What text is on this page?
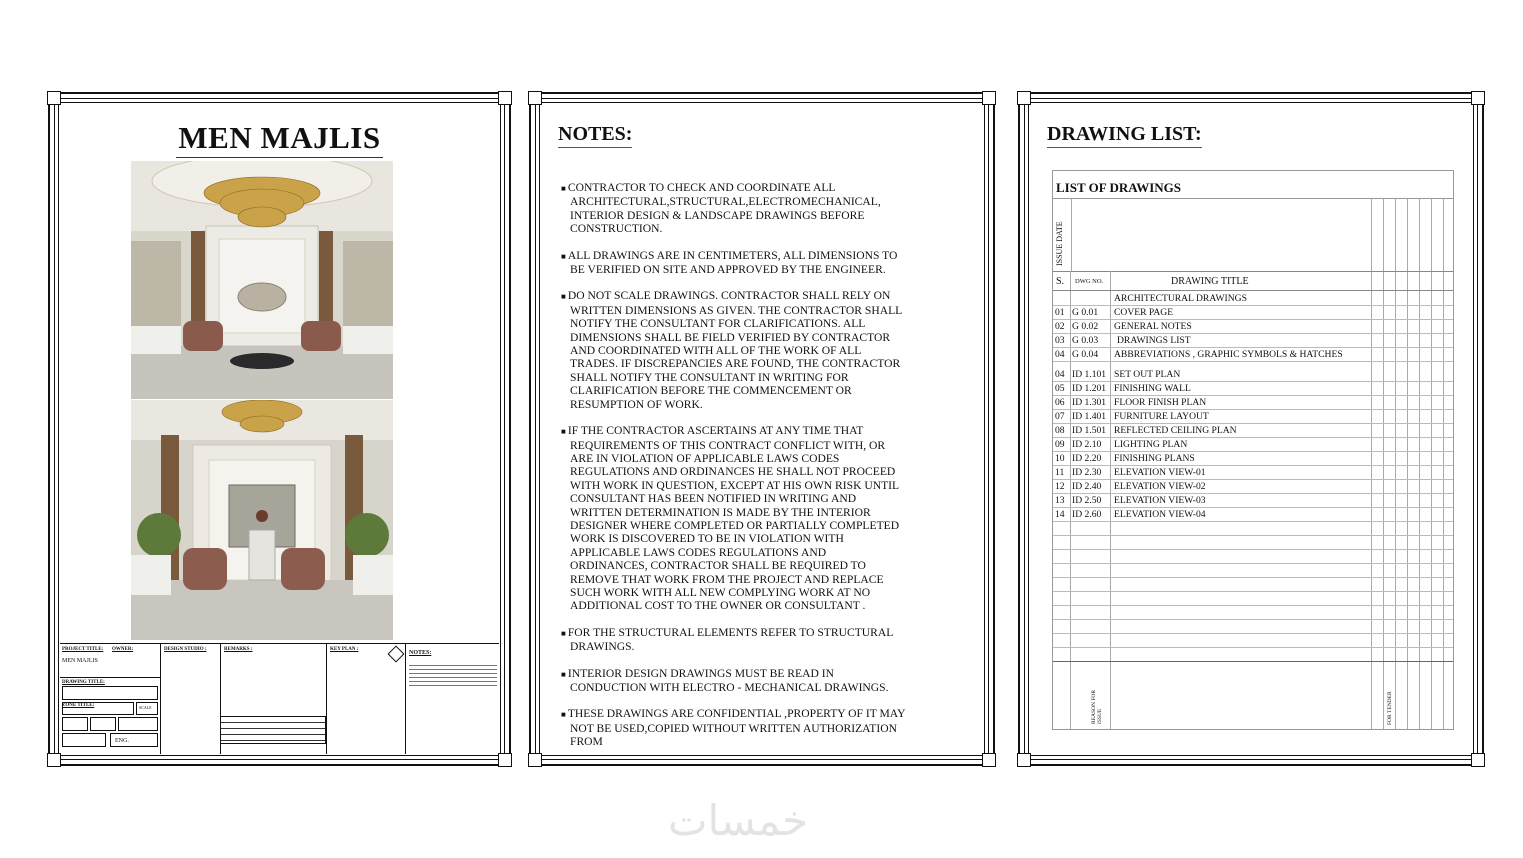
MEN MAJLIS
PROJECT TITLE:
MEN MAJLIS
OWNER:
DRAWING TITLE:
ZONE TITLE:	SCALE
ENG.
DESIGN STUDIO :	REMARKS :	KEY PLAN :
NOTES:
NOTES:
■ CONTRACTOR TO CHECK AND COORDINATE ALL ARCHITECTURAL,STRUCTURAL,ELECTROMECHANICAL, INTERIOR DESIGN & LANDSCAPE DRAWINGS BEFORE CONSTRUCTION.
■ ALL DRAWINGS ARE IN CENTIMETERS, ALL DIMENSIONS TO BE VERIFIED ON SITE AND APPROVED BY THE ENGINEER.
■ DO NOT SCALE DRAWINGS. CONTRACTOR SHALL RELY ON WRITTEN DIMENSIONS AS GIVEN. THE CONTRACTOR SHALL NOTIFY THE CONSULTANT FOR CLARIFICATIONS. ALL DIMENSIONS SHALL BE FIELD VERIFIED BY CONTRACTOR AND COORDINATED WITH ALL OF THE WORK OF ALL TRADES. IF DISCREPANCIES ARE FOUND, THE CONTRACTOR SHALL NOTIFY THE CONSULTANT IN WRITING FOR CLARIFICATION BEFORE THE COMMENCEMENT OR RESUMPTION OF WORK.
■ IF THE CONTRACTOR ASCERTAINS AT ANY TIME THAT REQUIREMENTS OF THIS CONTRACT CONFLICT WITH, OR ARE IN VIOLATION OF APPLICABLE LAWS CODES REGULATIONS AND ORDINANCES HE SHALL NOT PROCEED WITH WORK IN QUESTION, EXCEPT AT HIS OWN RISK UNTIL CONSULTANT HAS BEEN NOTIFIED IN WRITING AND WRITTEN DETERMINATION IS MADE BY THE INTERIOR DESIGNER WHERE COMPLETED OR PARTIALLY COMPLETED WORK IS DISCOVERED TO BE IN VIOLATION WITH APPLICABLE LAWS CODES REGULATIONS AND ORDINANCES, CONTRACTOR SHALL BE REQUIRED TO REMOVE THAT WORK FROM THE PROJECT AND REPLACE SUCH WORK WITH ALL NEW COMPLYING WORK AT NO ADDITIONAL COST TO THE OWNER OR CONSULTANT .
■ FOR THE STRUCTURAL ELEMENTS REFER TO STRUCTURAL DRAWINGS.
■ INTERIOR DESIGN DRAWINGS MUST BE READ IN CONDUCTION WITH ELECTRO - MECHANICAL DRAWINGS.
■ THESE DRAWINGS ARE CONFIDENTIAL ,PROPERTY OF IT MAY NOT BE USED,COPIED WITHOUT WRITTEN AUTHORIZATION FROM
DRAWING LIST:
LIST OF DRAWINGS
ISSUE DATE
S. DWG NO.	DRAWING TITLE
ARCHITECTURAL DRAWINGS
01 G 0.01 COVER PAGE
02 G 0.02 GENERAL NOTES
03 G 0.03 DRAWINGS LIST
04 G 0.04 ABBREVIATIONS , GRAPHIC SYMBOLS & HATCHES
04 ID 1.101 SET OUT PLAN
05 ID 1.201 FINISHING WALL
06 ID 1.301 FLOOR FINISH PLAN
07 ID 1.401 FURNITURE LAYOUT
08 ID 1.501 REFLECTED CEILING PLAN
09 ID 2.10 LIGHTING PLAN
10 ID 2.20 FINISHING PLANS
11 ID 2.30 ELEVATION VIEW-01
12 ID 2.40 ELEVATION VIEW-02
13 ID 2.50 ELEVATION VIEW-03
14 ID 2.60 ELEVATION VIEW-04
REASON FOR ISSUE	FOR TENDER
خمسات
